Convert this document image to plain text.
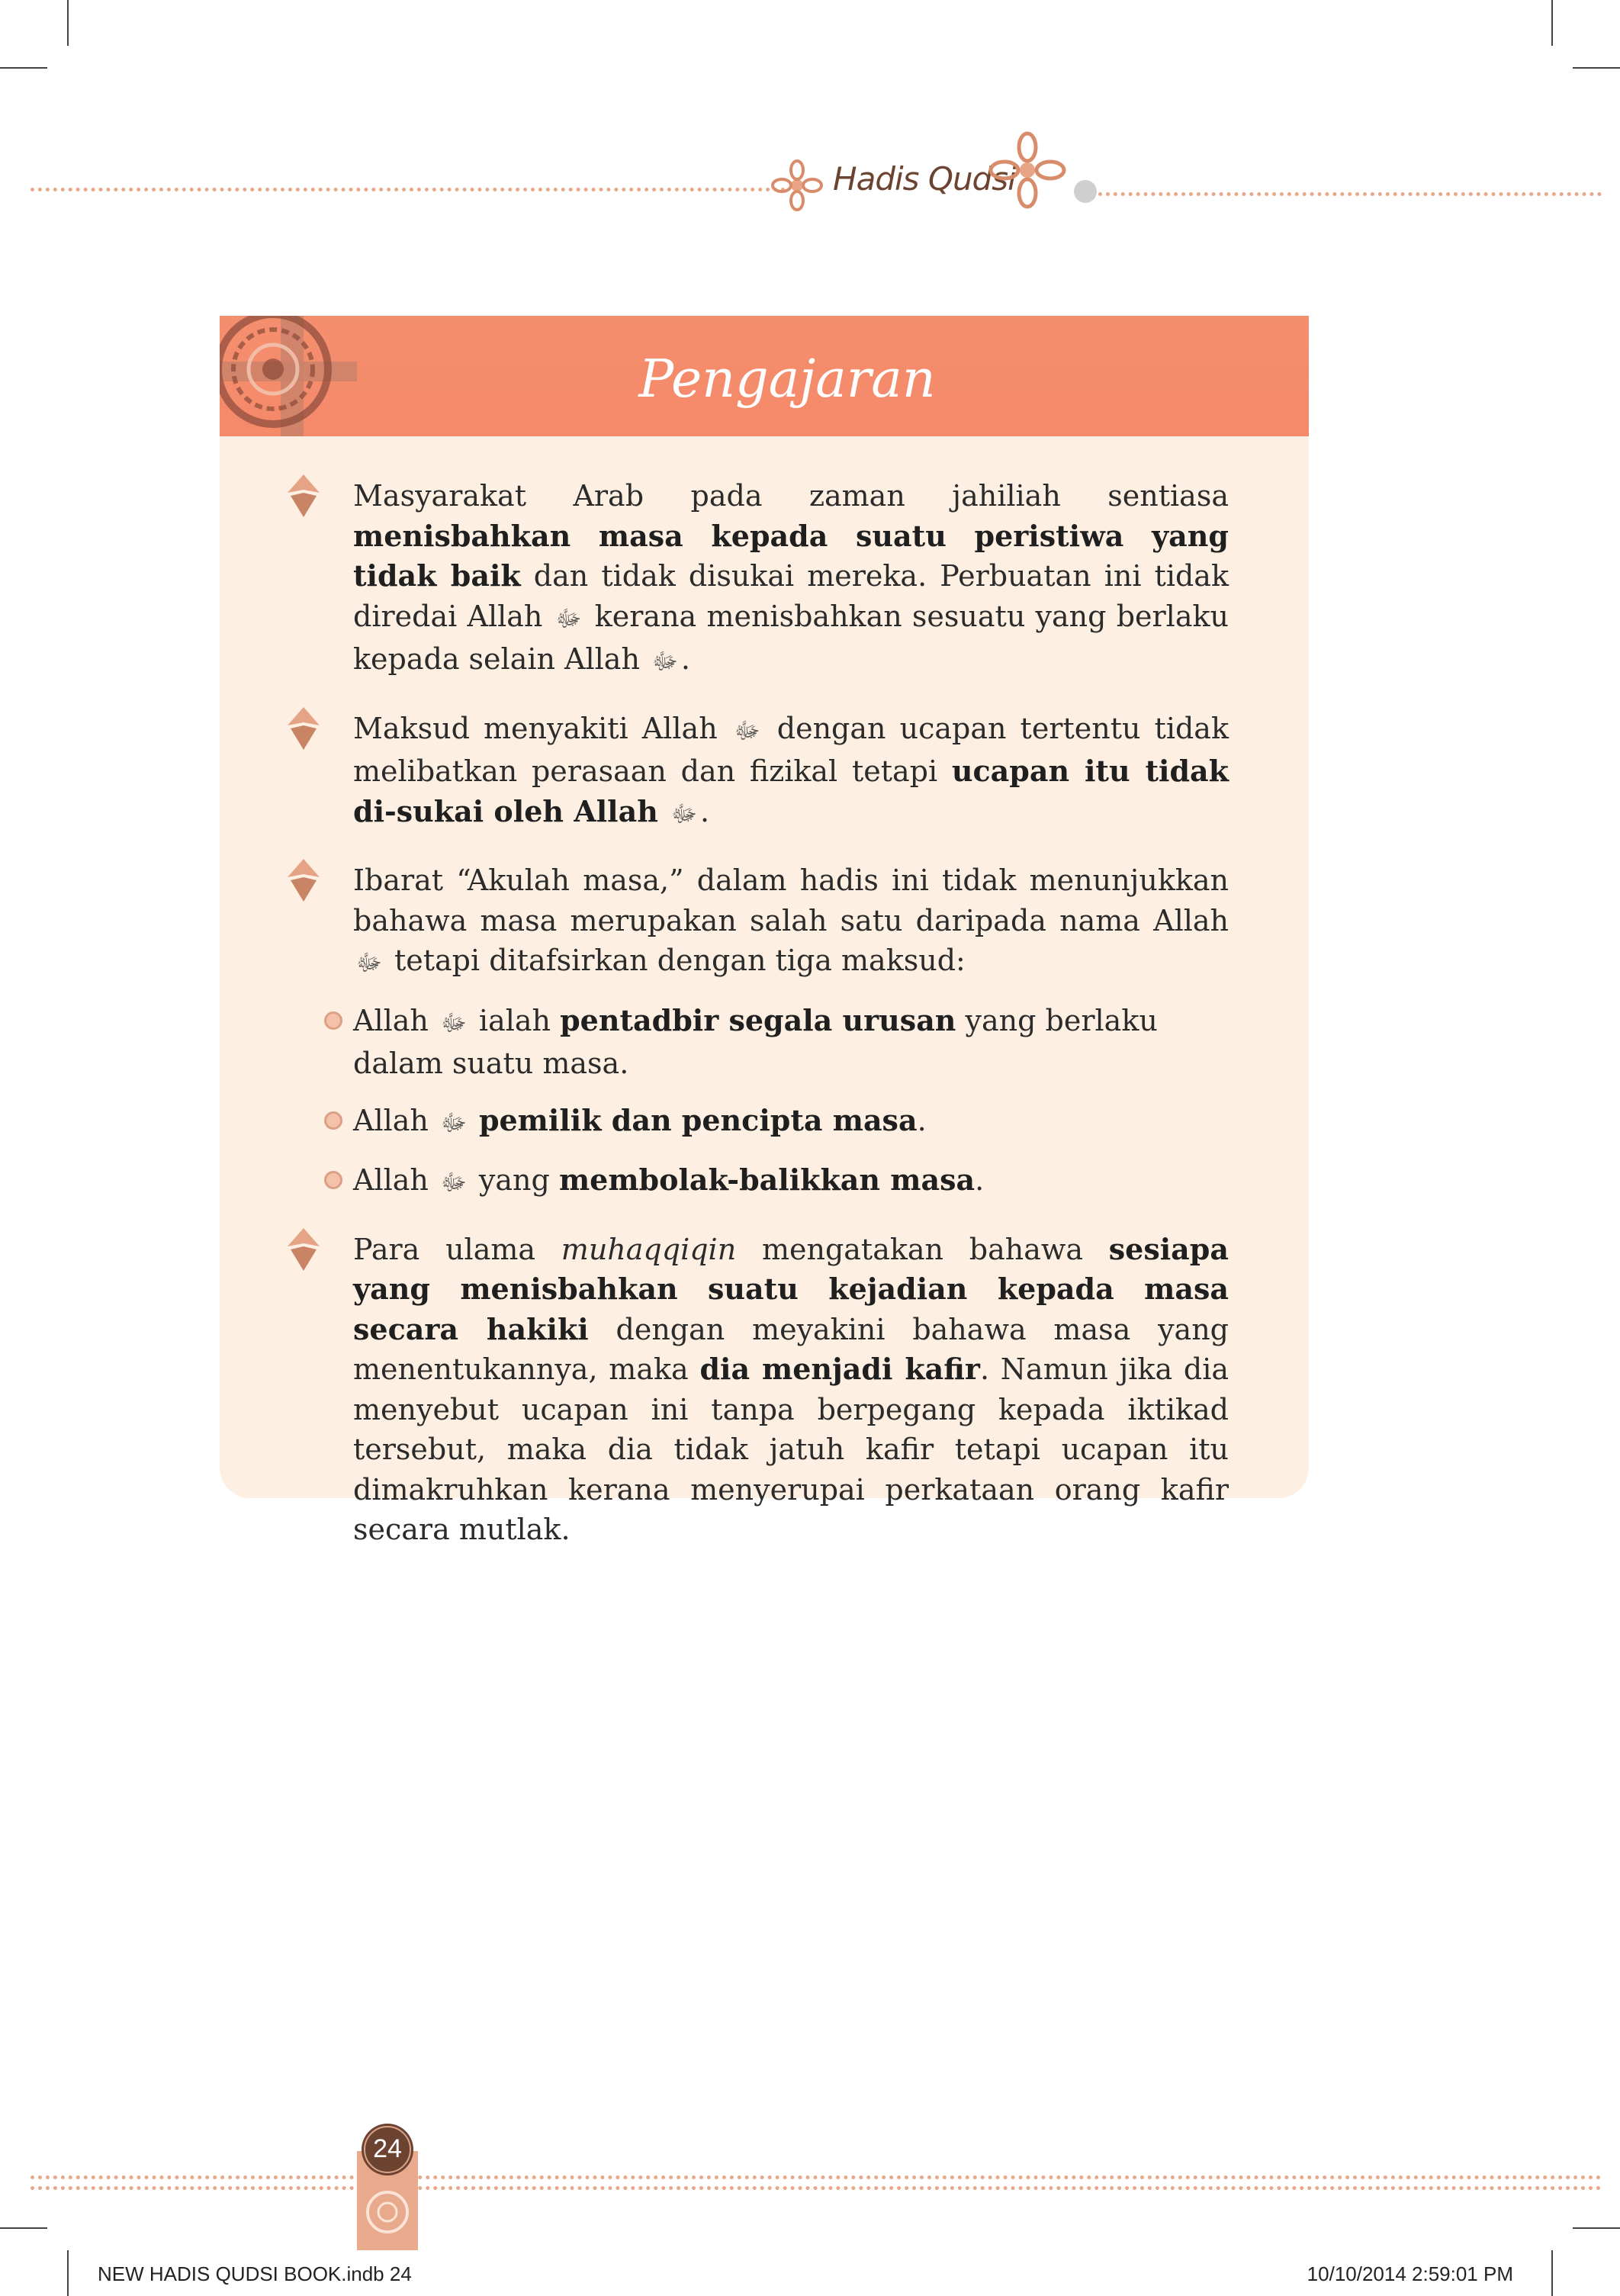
Hadis Qudsi
Pengajaran

Masyarakat Arab pada zaman jahiliah sentiasa menisbahkan masa kepada suatu peristiwa yang tidak baik dan tidak disukai mereka. Perbuatan ini tidak diredai Allah ﷻ kerana menisbahkan sesuatu yang berlaku kepada selain Allah ﷻ .

Maksud menyakiti Allah ﷻ dengan ucapan tertentu tidak melibatkan perasaan dan fizikal tetapi ucapan itu tidak di-sukai oleh Allah ﷻ .

Ibarat “Akulah masa,” dalam hadis ini tidak menunjukkan bahawa masa merupakan salah satu daripada nama Allah ﷻ tetapi ditafsirkan dengan tiga maksud:

Allah ﷻ ialah pentadbir segala urusan yang berlaku dalam suatu masa.

Allah ﷻ pemilik dan pencipta masa.

Allah ﷻ yang membolak-balikkan masa.

Para ulama muhaqqiqin mengatakan bahawa sesiapa yang menisbahkan suatu kejadian kepada masa secara hakiki dengan meyakini bahawa masa yang menentukannya, maka dia menjadi kafir. Namun jika dia menyebut ucapan ini tanpa berpegang kepada iktikad tersebut, maka dia tidak jatuh kafir tetapi ucapan itu dimakruhkan kerana menyerupai perkataan orang kafir secara mutlak.

24
NEW HADIS QUDSI BOOK.indb 24	10/10/2014 2:59:01 PM
